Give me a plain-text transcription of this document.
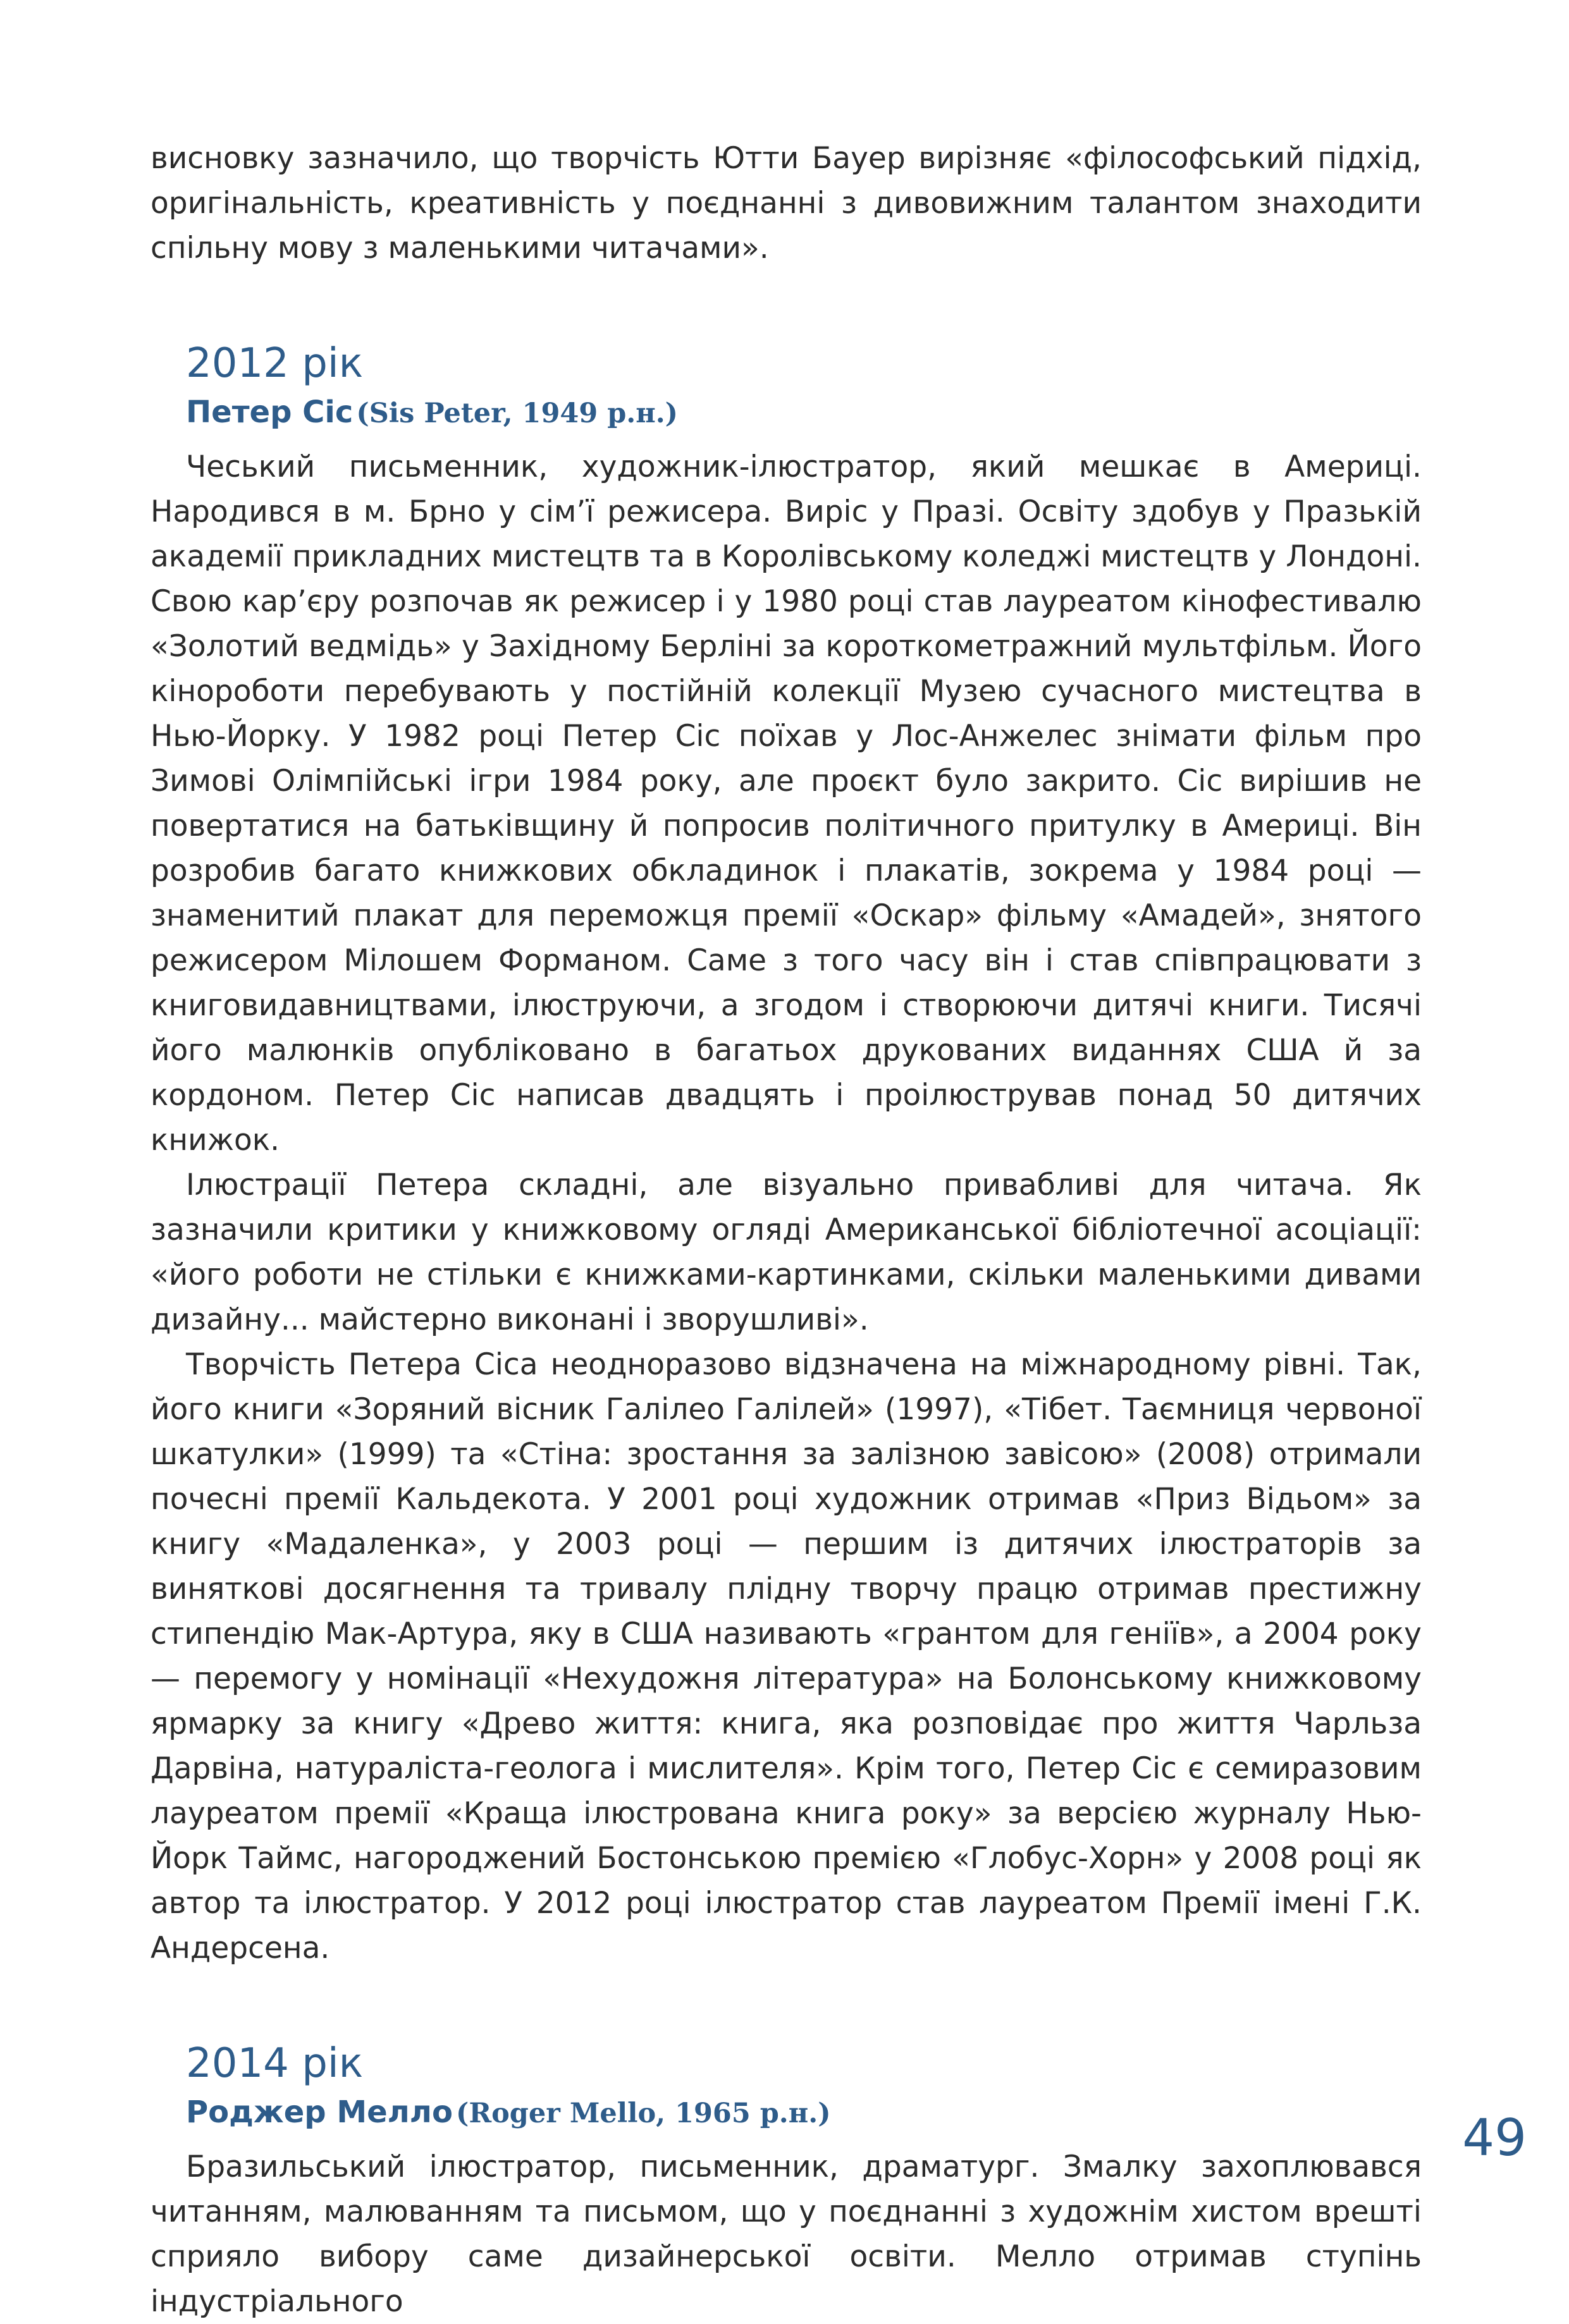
висновку зазначило, що творчість Ютти Бауер вирізняє «філософський підхід, оригінальність, креативність у поєднанні з дивовижним талантом знаходити спільну мову з маленькими читачами».

2012 рік
Петер Сіс (Sis Peter, 1949 р.н.)

Чеський письменник, художник-ілюстратор, який мешкає в Америці. Народився в м. Брно у сім’ї режисера. Виріс у Празі. Освіту здобув у Празькій академії прикладних мистецтв та в Королівському коледжі мистецтв у Лондоні. Свою кар’єру розпочав як режисер і у 1980 році став лауреатом кінофестивалю «Золотий ведмідь» у Західному Берліні за короткометражний мультфільм. Його кінороботи перебувають у постійній колекції Музею сучасного мистецтва в Нью-Йорку. У 1982 році Петер Сіс поїхав у Лос-Анжелес знімати фільм про Зимові Олімпійські ігри 1984 року, але проєкт було закрито. Сіс вирішив не повертатися на батьківщину й попросив політичного притулку в Америці. Він розробив багато книжкових обкладинок і плакатів, зокрема у 1984 році — знаменитий плакат для переможця премії «Оскар» фільму «Амадей», знятого режисером Мілошем Форманом. Саме з того часу він і став співпрацювати з книговидавництвами, ілюструючи, а згодом і створюючи дитячі книги. Тисячі його малюнків опубліковано в багатьох друкованих виданнях США й за кордоном. Петер Сіс написав двадцять і проілюстрував понад 50 дитячих книжок.

Ілюстрації Петера складні, але візуально привабливі для читача. Як зазначили критики у книжковому огляді Американської бібліотечної асоціації: «його роботи не стільки є книжками-картинками, скільки маленькими дивами дизайну... майстерно виконані і зворушливі».

Творчість Петера Сіса неодноразово відзначена на міжнародному рівні. Так, його книги «Зоряний вісник Галілео Галілей» (1997), «Тібет. Таємниця червоної шкатулки» (1999) та «Стіна: зростання за залізною завісою» (2008) отримали почесні премії Кальдекота. У 2001 році художник отримав «Приз Відьом» за книгу «Мадаленка», у 2003 році — першим із дитячих ілюстраторів за виняткові досягнення та тривалу плідну творчу працю отримав престижну стипендію Мак-Артура, яку в США називають «грантом для геніїв», а 2004 року — перемогу у номінації «Нехудожня література» на Болонському книжковому ярмарку за книгу «Древо життя: книга, яка розповідає про життя Чарльза Дарвіна, натураліста-геолога і мислителя». Крім того, Петер Сіс є семиразовим лауреатом премії «Краща ілюстрована книга року» за версією журналу Нью-Йорк Таймс, нагороджений Бостонською премією «Глобус-Хорн» у 2008 році як автор та ілюстратор. У 2012 році ілюстратор став лауреатом Премії імені Г.К. Андерсена.

2014 рік
Роджер Мелло (Roger Mello, 1965 р.н.)

Бразильський ілюстратор, письменник, драматург. Змалку захоплювався читанням, малюванням та письмом, що у поєднанні з художнім хистом врешті сприяло вибору саме дизайнерської освіти. Мелло отримав ступінь індустріального

49
